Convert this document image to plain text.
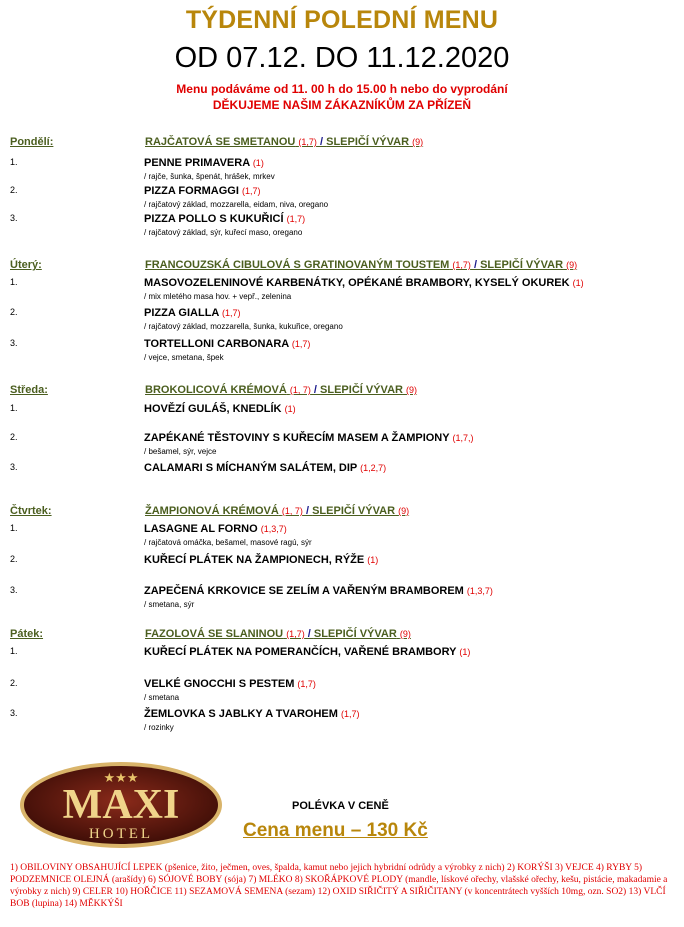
TÝDENNÍ POLEDNÍ MENU
OD 07.12. DO 11.12.2020
Menu podáváme od 11. 00 h do 15.00 h nebo do vyprodání
DĚKUJEME NAŠIM ZÁKAZNÍKŮM ZA PŘÍZEŇ
Pondělí:	RAJČATOVÁ SE SMETANOU (1,7) / SLEPIČÍ VÝVAR (9)
1.	PENNE PRIMAVERA (1)
/ rajče, šunka, špenát, hrášek, mrkev
2.	PIZZA FORMAGGI (1,7)
/ rajčatový základ, mozzarella, eidam, niva, oregano
3.	PIZZA POLLO S KUKUŘICÍ (1,7)
/ rajčatový základ, sýr, kuřecí maso, oregano
Úterý:	FRANCOUZSKÁ CIBULOVÁ S GRATINOVANÝM TOUSTEM (1,7) / SLEPIČÍ VÝVAR (9)
1.	MASOVOZELENINOVÉ KARBENÁTKY, OPÉKANÉ BRAMBORY, KYSELÝ OKUREK (1)
/ mix mletého masa hov. + vepř., zelenina
2.	PIZZA GIALLA (1,7)
/ rajčatový základ, mozzarella, šunka, kukuřice, oregano
3.	TORTELLONI CARBONARA (1,7)
/ vejce, smetana, špek
Středa:	BROKOLICOVÁ KRÉMOVÁ (1, 7) / SLEPIČÍ VÝVAR (9)
1.	HOVĚZÍ GULÁŠ, KNEDLÍK (1)
2.	ZAPÉKANÉ TĚSTOVINY S KUŘECÍM MASEM A ŽAMPIONY (1,7,)
/ bešamel, sýr, vejce
3.	CALAMARI S MÍCHANÝM SALÁTEM, DIP (1,2,7)
Čtvrtek:	ŽAMPIONOVÁ KRÉMOVÁ (1, 7) / SLEPIČÍ VÝVAR (9)
1.	LASAGNE AL FORNO (1,3,7)
/ rajčatová omáčka, bešamel, masové ragú, sýr
2.	KUŘECÍ PLÁTEK NA ŽAMPIONECH, RÝŽE (1)
3.	ZAPEČENÁ KRKOVICE SE ZELÍM A VAŘENÝM BRAMBOREM (1,3,7)
/ smetana, sýr
Pátek:	FAZOLOVÁ SE SLANINOU (1,7) / SLEPIČÍ VÝVAR (9)
1.	KUŘECÍ PLÁTEK NA POMERANČÍCH, VAŘENÉ BRAMBORY (1)
2.	VELKÉ GNOCCHI S PESTEM (1,7)
/ smetana
3.	ŽEMLOVKA S JABLKY A TVAROHEM (1,7)
/ rozinky
★★★
MAXI
HOTEL
POLÉVKA V CENĚ
Cena menu – 130 Kč
1) OBILOVINY OBSAHUJÍCÍ LEPEK (pšenice, žito, ječmen, oves, špalda, kamut nebo jejich hybridní odrůdy a výrobky z nich) 2) KORÝŠI 3) VEJCE 4) RYBY 5) PODZEMNICE OLEJNÁ (arašídy) 6) SÓJOVÉ BOBY (sója) 7) MLÉKO 8) SKOŘÁPKOVÉ PLODY (mandle, lískové ořechy, vlašské ořechy, kešu, pistácie, makadamie a výrobky z nich) 9) CELER 10) HOŘČICE 11) SEZAMOVÁ SEMENA (sezam) 12) OXID SIŘIČITÝ A SIŘIČITANY (v koncentrátech vyšších 10mg, ozn. SO2) 13) VLČÍ BOB (lupina) 14) MĚKKÝŠI
